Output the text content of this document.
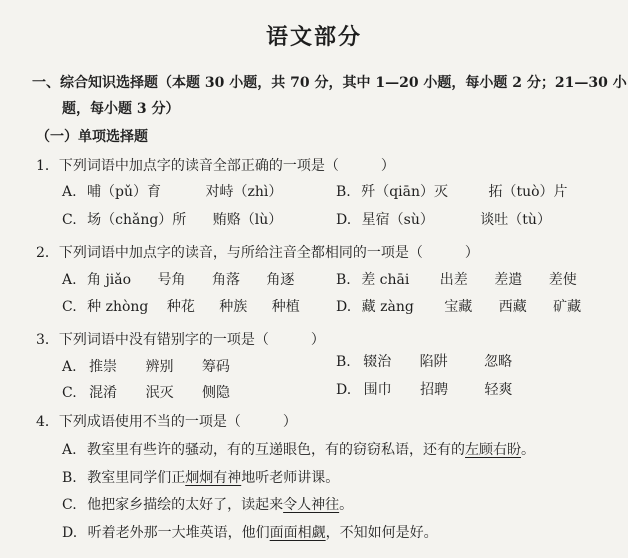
语文部分
一、综合知识选择题（本题 30 小题，共 70 分，其中 1—20 小题，每小题 2 分；21—30 小
题，每小题 3 分）
（一）单项选择题
1．下列词语中加点字的读音全部正确的一项是（　　　）
A. 哺（pǔ）育	对峙（zhì）	B. 歼（qiān）灭	拓（tuò）片
C. 场（chǎng）所 贿赂（lù）	D. 星宿（sù）	谈吐（tù）
2．下列词语中加点字的读音，与所给注音全都相同的一项是（　　　）
A. 角 jiǎo 号角 角落 角逐	B. 差 chāi 出差 差遣 差使
C. 种 zhòng 种花 种族 种植	D. 藏 zàng 宝藏 西藏 矿藏
3．下列词语中没有错别字的一项是（　　　）
A. 推崇 辨别 筹码	B. 辍治 陷阱	忽略
C. 混淆 泯灭 侧隐	D. 围巾 招聘	轻爽
4．下列成语使用不当的一项是（　　　）
A. 教室里有些许的骚动，有的互递眼色，有的窃窃私语，还有的左顾右盼。
B. 教室里同学们正炯炯有神地听老师讲课。
C. 他把家乡描绘的太好了，读起来令人神往。
D. 听着老外那一大堆英语，他们面面相觑，不知如何是好。
